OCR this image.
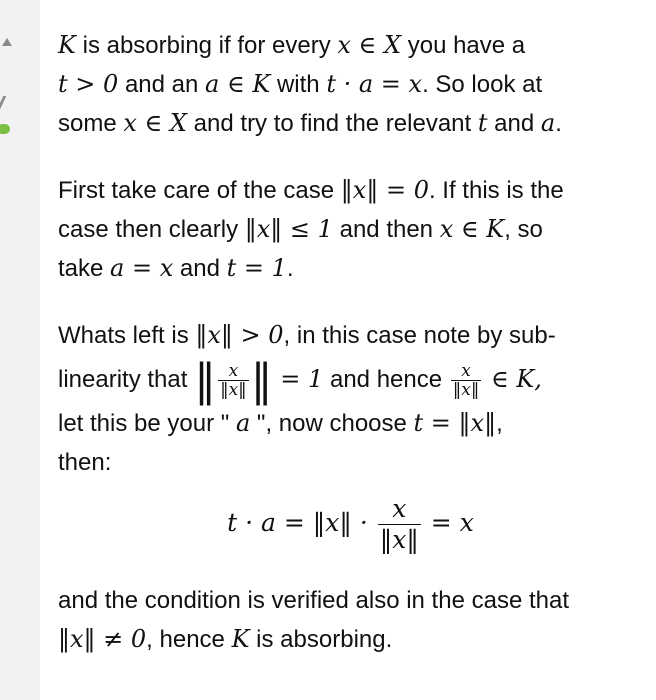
K is absorbing if for every x ∈ X you have a
t > 0 and an a ∈ K with t · a = x. So look at
some x ∈ X and try to find the relevant t and a.
First take care of the case ‖x‖ = 0. If this is the
case then clearly ‖x‖ ≤ 1 and then x ∈ K, so
take a = x and t = 1.
Whats left is ‖x‖ > 0, in this case note by sub-
linearity that ‖ $\frac{x}{‖x‖}$ ‖ = 1 and hence $\frac{x}{‖x‖}$ ∈ K,
let this be your " a ", now choose t = ‖x‖,
then:
t · a = ‖x‖ · $\frac{x}{‖x‖} = x$
and the condition is verified also in the case that
‖x‖ ≠ 0, hence K is absorbing.
